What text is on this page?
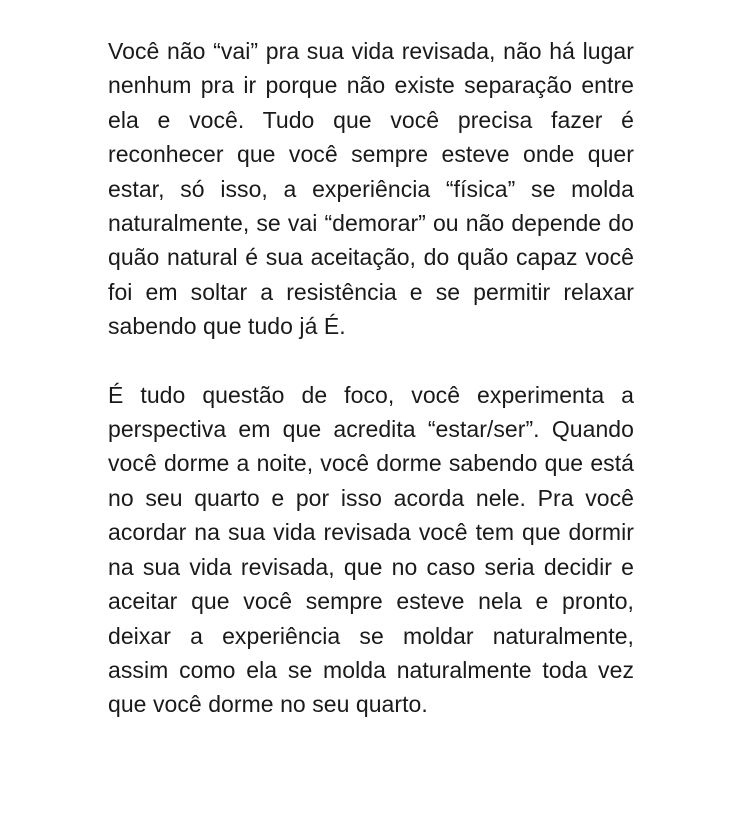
Você não “vai” pra sua vida revisada, não há lugar nenhum pra ir porque não existe separação entre ela e você. Tudo que você precisa fazer é reconhecer que você sempre esteve onde quer estar, só isso, a experiência “física” se molda naturalmente, se vai “demorar” ou não depende do quão natural é sua aceitação, do quão capaz você foi em soltar a resistência e se permitir relaxar sabendo que tudo já É.

É tudo questão de foco, você experimenta a perspectiva em que acredita “estar/ser”. Quando você dorme a noite, você dorme sabendo que está no seu quarto e por isso acorda nele. Pra você acordar na sua vida revisada você tem que dormir na sua vida revisada, que no caso seria decidir e aceitar que você sempre esteve nela e pronto, deixar a experiência se moldar naturalmente, assim como ela se molda naturalmente toda vez que você dorme no seu quarto.
